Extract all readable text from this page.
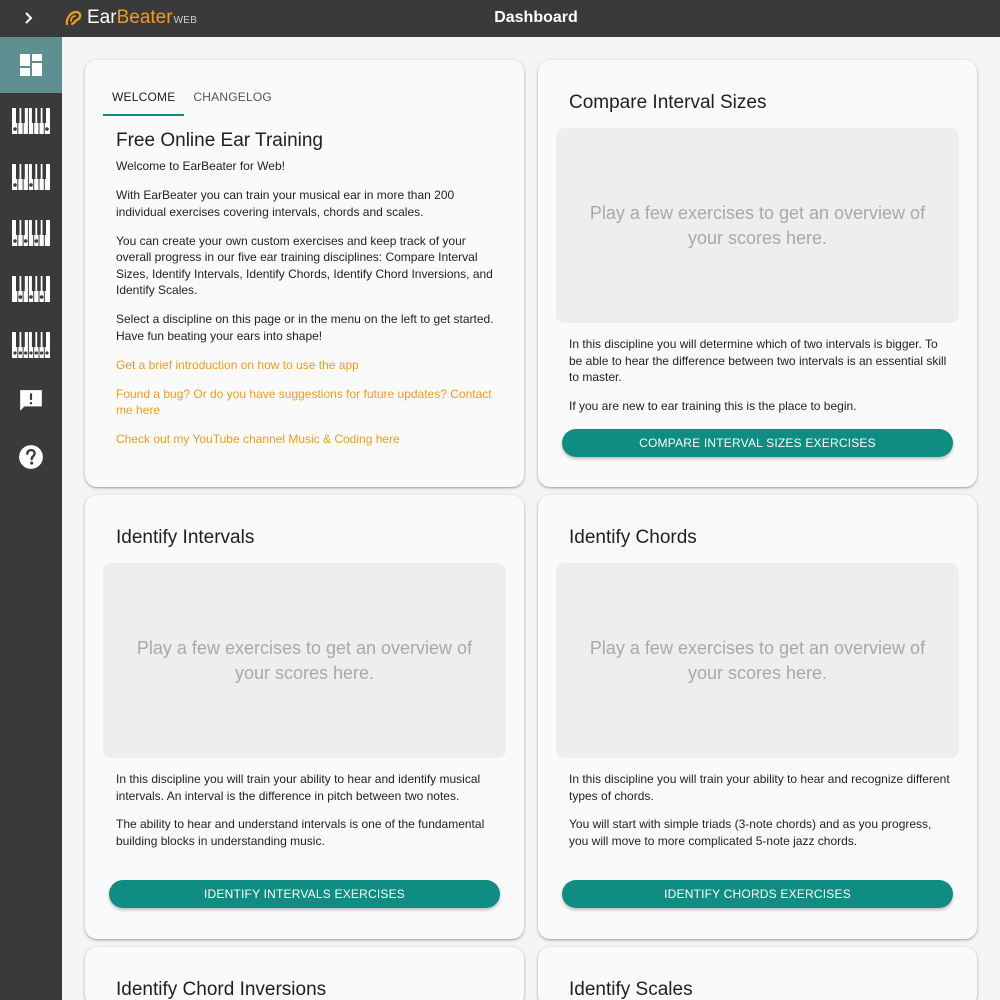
Ear Beater WEB	Dashboard
WELCOME	CHANGELOG
Free Online Ear Training

Welcome to EarBeater for Web!

With EarBeater you can train your musical ear in more than 200 individual exercises covering intervals, chords and scales.

You can create your own custom exercises and keep track of your overall progress in our five ear training disciplines: Compare Interval Sizes, Identify Intervals, Identify Chords, Identify Chord Inversions, and Identify Scales.

Select a discipline on this page or in the menu on the left to get started. Have fun beating your ears into shape!

Get a brief introduction on how to use the app
Found a bug? Or do you have suggestions for future updates? Contact me here
Check out my YouTube channel Music & Coding here
Compare Interval Sizes
Play a few exercises to get an overview of your scores here.

In this discipline you will determine which of two intervals is bigger. To be able to hear the difference between two intervals is an essential skill to master.

If you are new to ear training this is the place to begin.

COMPARE INTERVAL SIZES EXERCISES
Identify Intervals
Play a few exercises to get an overview of your scores here.

In this discipline you will train your ability to hear and identify musical intervals. An interval is the difference in pitch between two notes.

The ability to hear and understand intervals is one of the fundamental building blocks in understanding music.

IDENTIFY INTERVALS EXERCISES
Identify Chords
Play a few exercises to get an overview of your scores here.

In this discipline you will train your ability to hear and recognize different types of chords.

You will start with simple triads (3-note chords) and as you progress, you will move to more complicated 5-note jazz chords.

IDENTIFY CHORDS EXERCISES
Identify Chord Inversions	Identify Scales
